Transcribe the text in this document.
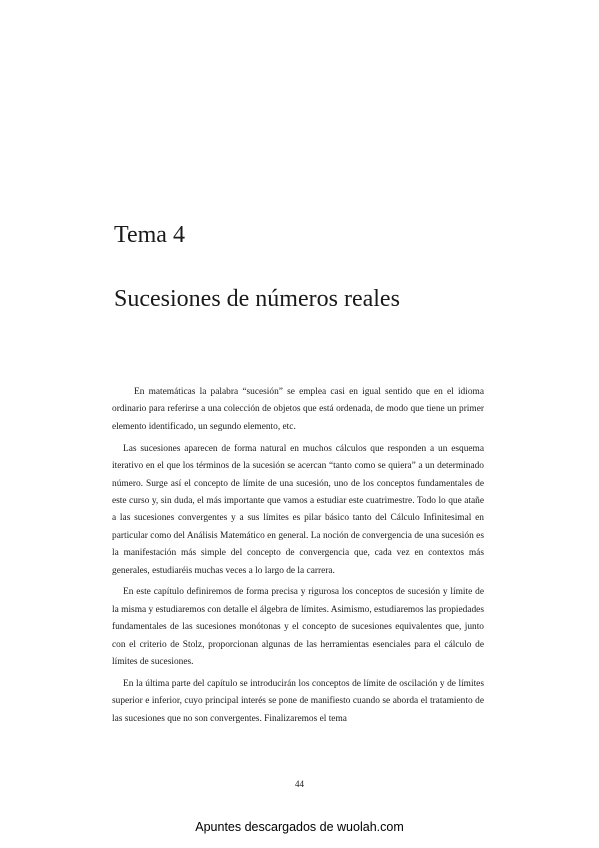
Tema 4
Sucesiones de números reales

En matemáticas la palabra “sucesión” se emplea casi en igual sentido que en el idioma ordinario para referirse a una colección de objetos que está ordenada, de modo que tiene un primer elemento identificado, un segundo elemento, etc.

Las sucesiones aparecen de forma natural en muchos cálculos que responden a un esquema iterativo en el que los términos de la sucesión se acercan “tanto como se quiera” a un determinado número. Surge así el concepto de límite de una sucesión, uno de los conceptos fundamentales de este curso y, sin duda, el más importante que vamos a estudiar este cuatrimestre. Todo lo que atañe a las sucesiones convergentes y a sus límites es pilar básico tanto del Cálculo Infinitesimal en particular como del Análisis Matemático en general. La noción de convergencia de una sucesión es la manifestación más simple del concepto de convergencia que, cada vez en contextos más generales, estudiaréis muchas veces a lo largo de la carrera.

En este capítulo definiremos de forma precisa y rigurosa los conceptos de sucesión y límite de la misma y estudiaremos con detalle el álgebra de límites. Asimismo, estudiaremos las propiedades fundamentales de las sucesiones monótonas y el concepto de sucesiones equivalentes que, junto con el criterio de Stolz, proporcionan algunas de las herramientas esenciales para el cálculo de límites de sucesiones.

En la última parte del capítulo se introducirán los conceptos de límite de oscilación y de límites superior e inferior, cuyo principal interés se pone de manifiesto cuando se aborda el tratamiento de las sucesiones que no son convergentes. Finalizaremos el tema

44
Apuntes descargados de wuolah.com
